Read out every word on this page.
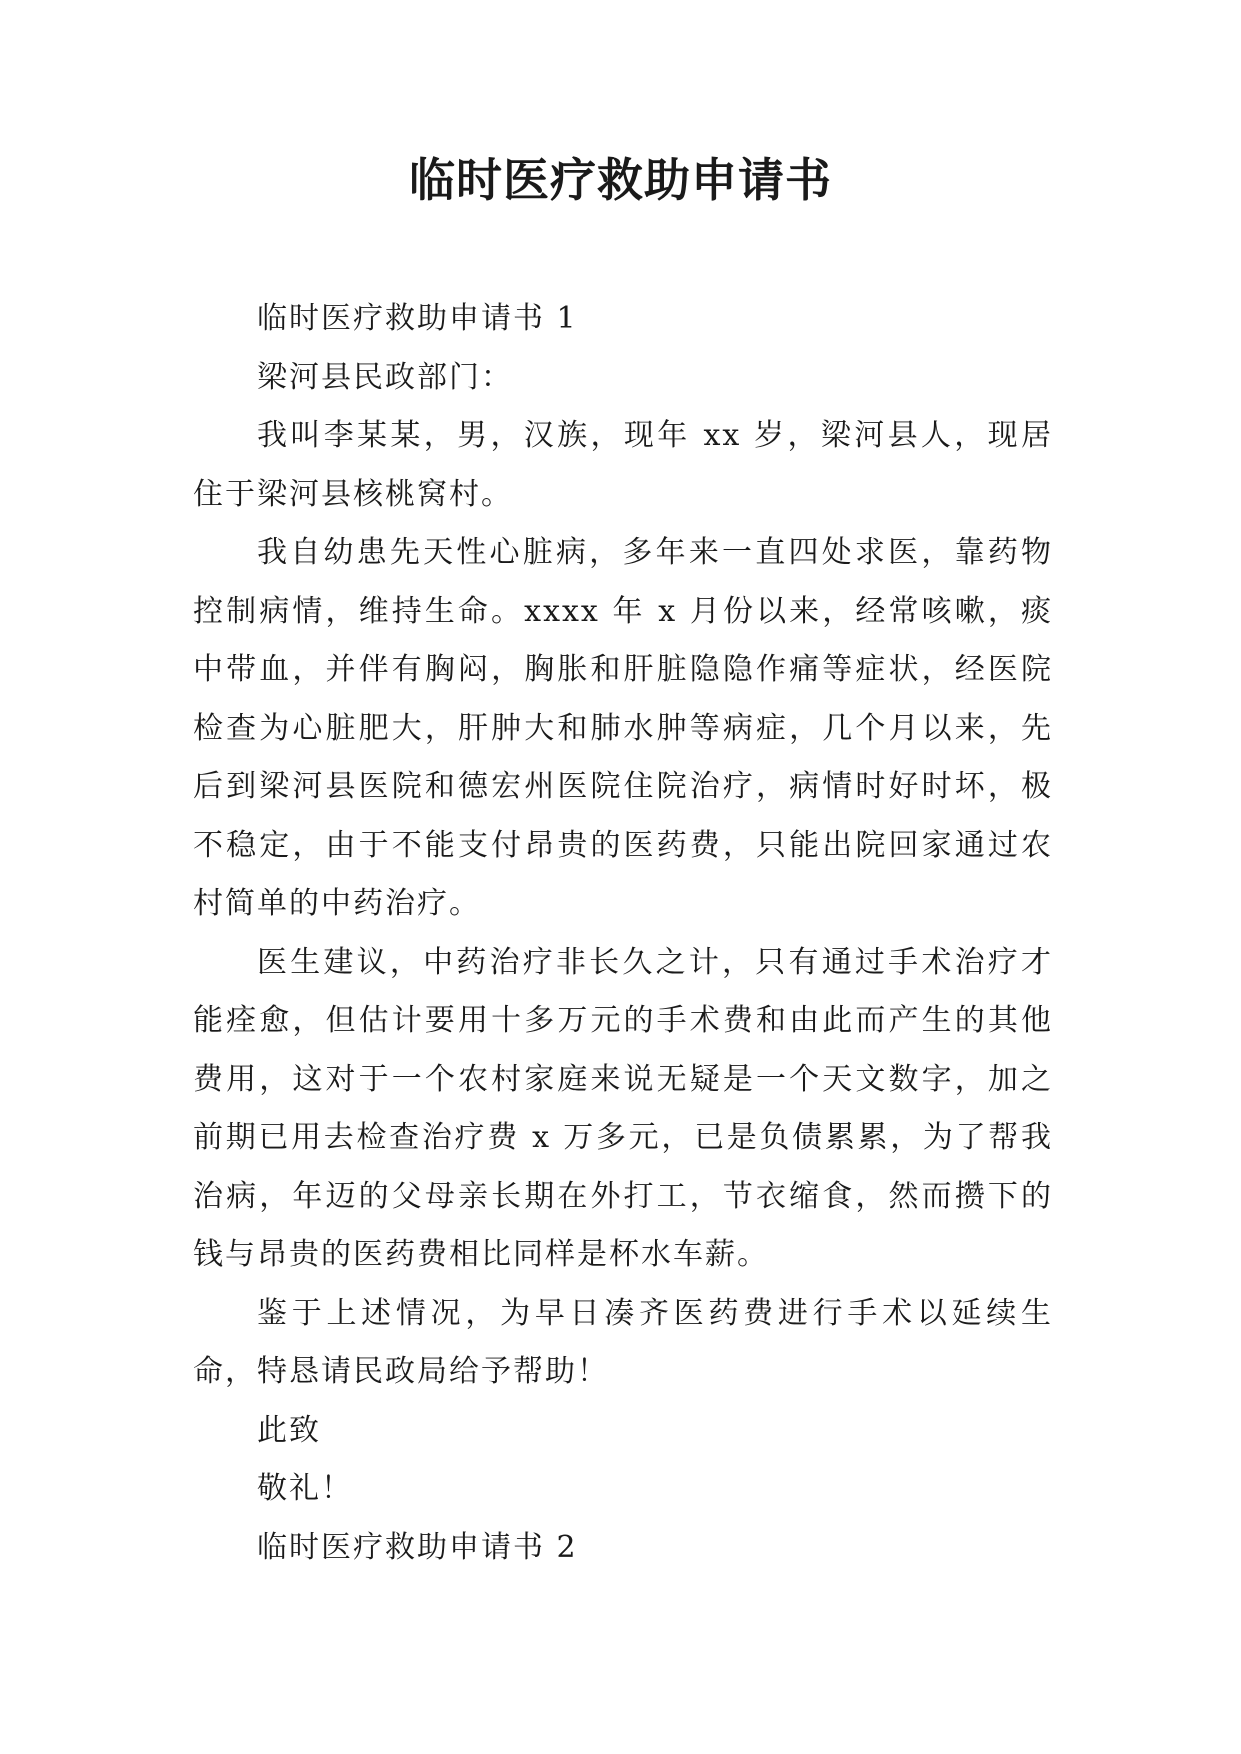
临时医疗救助申请书

临时医疗救助申请书 1

梁河县民政部门：

我叫李某某，男，汉族，现年 xx 岁，梁河县人，现居住于梁河县核桃窝村。

我自幼患先天性心脏病，多年来一直四处求医，靠药物控制病情，维持生命。xxxx 年 x 月份以来，经常咳嗽，痰中带血，并伴有胸闷，胸胀和肝脏隐隐作痛等症状，经医院检查为心脏肥大，肝肿大和肺水肿等病症，几个月以来，先后到梁河县医院和德宏州医院住院治疗，病情时好时坏，极不稳定，由于不能支付昂贵的医药费，只能出院回家通过农村简单的中药治疗。

医生建议，中药治疗非长久之计，只有通过手术治疗才能痊愈，但估计要用十多万元的手术费和由此而产生的其他费用，这对于一个农村家庭来说无疑是一个天文数字，加之前期已用去检查治疗费 x 万多元，已是负债累累，为了帮我治病，年迈的父母亲长期在外打工，节衣缩食，然而攒下的钱与昂贵的医药费相比同样是杯水车薪。

鉴于上述情况，为早日凑齐医药费进行手术以延续生命，特恳请民政局给予帮助！

此致

敬礼！

临时医疗救助申请书 2
